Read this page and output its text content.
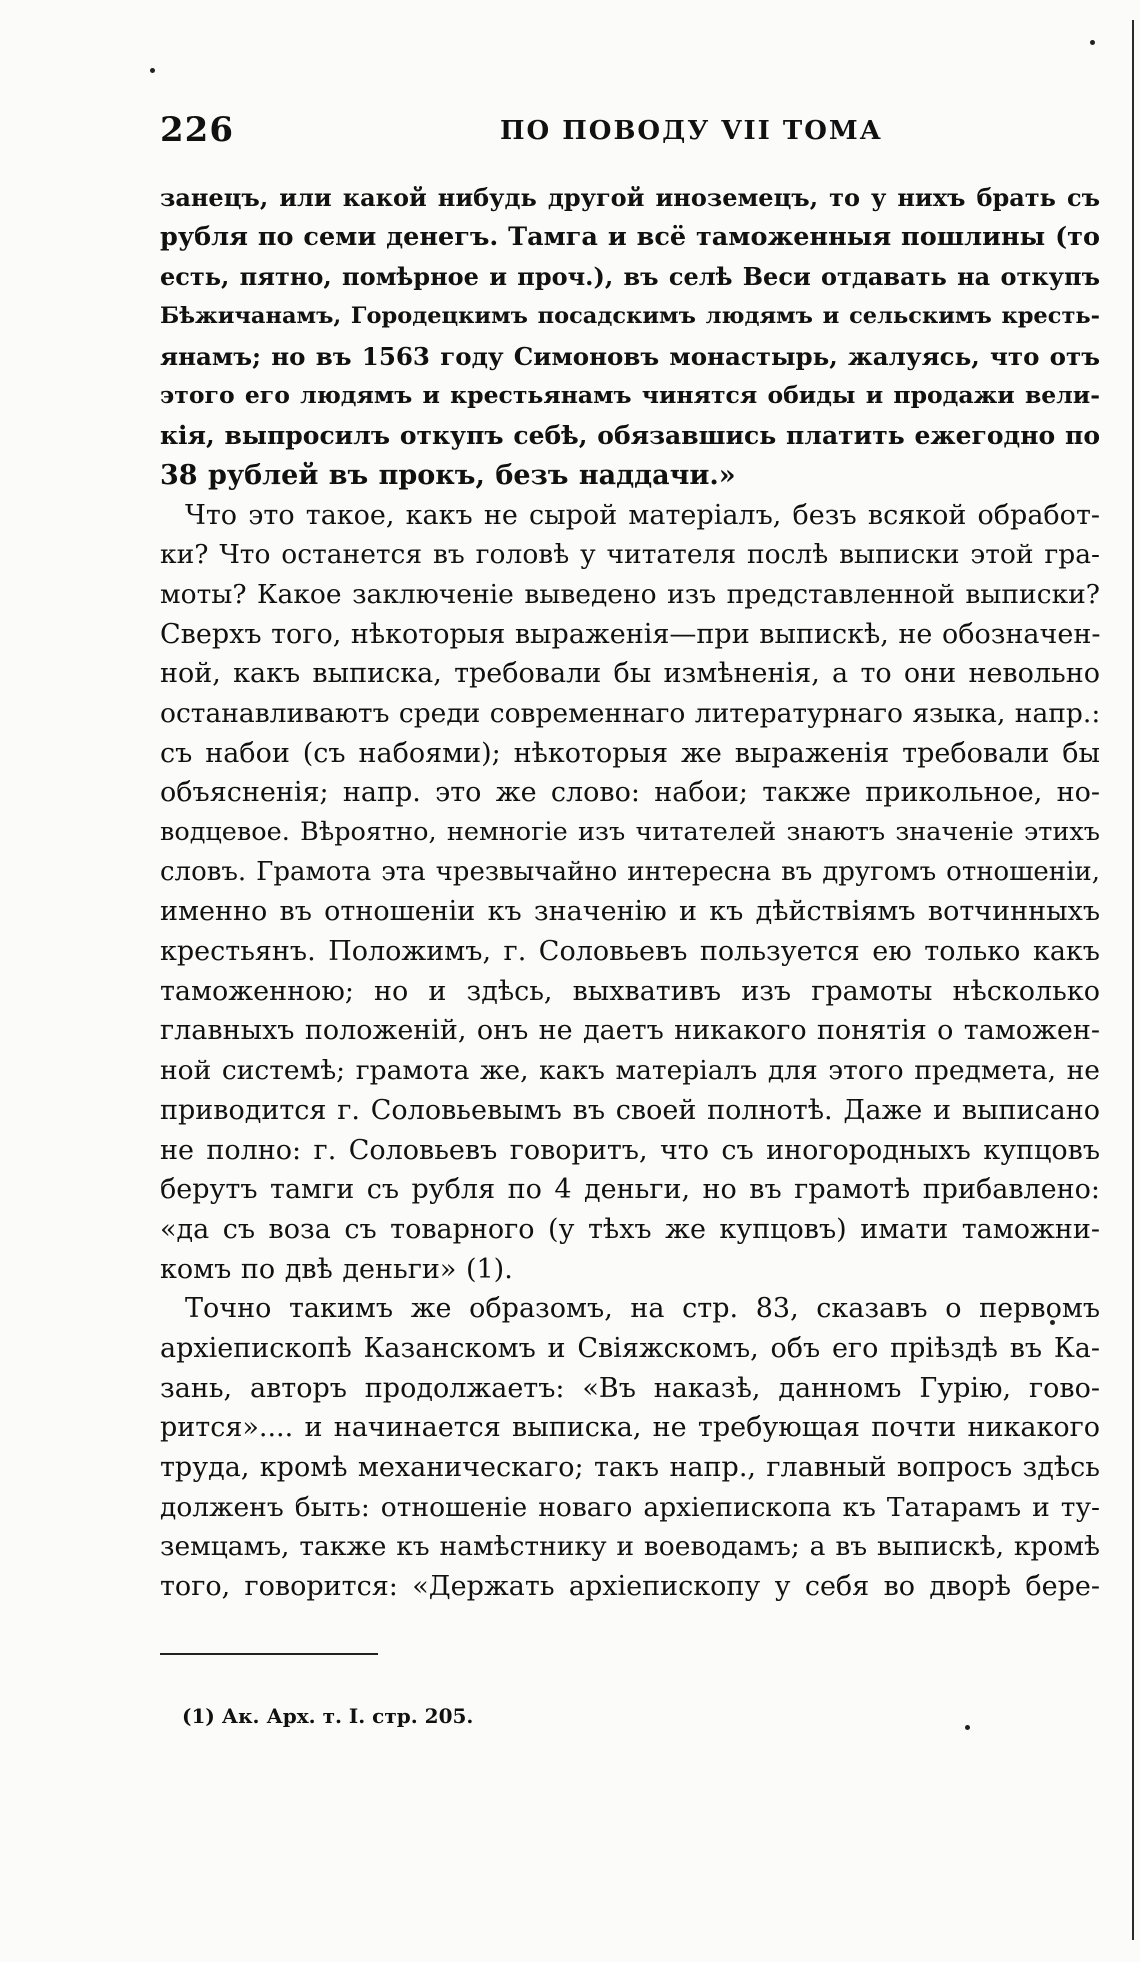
226	ПО ПОВОДУ VII ТОМА
занецъ, или какой нибудь другой иноземецъ, то у нихъ брать съ
рубля по семи денегъ. Тамга и всё таможенныя пошлины (то
есть, пятно, помѣрное и проч.), въ селѣ Веси отдавать на откупъ
Бѣжичанамъ, Городецкимъ посадскимъ людямъ и сельскимъ кресть-
янамъ; но въ 1563 году Симоновъ монастырь, жалуясь, что отъ
этого его людямъ и крестьянамъ чинятся обиды и продажи вели-
кія, выпросилъ откупъ себѣ, обязавшись платить ежегодно по
38 рублей въ прокъ, безъ наддачи.»
Что это такое, какъ не сырой матеріалъ, безъ всякой обработ-
ки? Что останется въ головѣ у читателя послѣ выписки этой гра-
моты? Какое заключеніе выведено изъ представленной выписки?
Сверхъ того, нѣкоторыя выраженія—при выпискѣ, не обозначен-
ной, какъ выписка, требовали бы измѣненія, а то они невольно
останавливаютъ среди современнаго литературнаго языка, напр.:
съ набои (съ набоями); нѣкоторыя же выраженія требовали бы
объясненія; напр. это же слово: набои; также прикольное, но-
водцевое. Вѣроятно, немногіе изъ читателей знаютъ значеніе этихъ
словъ. Грамота эта чрезвычайно интересна въ другомъ отношеніи,
именно въ отношеніи къ значенію и къ дѣйствіямъ вотчинныхъ
крестьянъ. Положимъ, г. Соловьевъ пользуется ею только какъ
таможенною; но и здѣсь, выхвативъ изъ грамоты нѣсколько
главныхъ положеній, онъ не даетъ никакого понятія о таможен-
ной системѣ; грамота же, какъ матеріалъ для этого предмета, не
приводится г. Соловьевымъ въ своей полнотѣ. Даже и выписано
не полно: г. Соловьевъ говоритъ, что съ иногородныхъ купцовъ
берутъ тамги съ рубля по 4 деньги, но въ грамотѣ прибавлено:
«да съ воза съ товарного (у тѣхъ же купцовъ) имати таможни-
комъ по двѣ деньги» (1).
Точно такимъ же образомъ, на стр. 83, сказавъ о первомъ
архіепископѣ Казанскомъ и Свіяжскомъ, объ его пріѣздѣ въ Ка-
зань, авторъ продолжаетъ: «Въ наказѣ, данномъ Гурію, гово-
рится».... и начинается выписка, не требующая почти никакого
труда, кромѣ механическаго; такъ напр., главный вопросъ здѣсь
долженъ быть: отношеніе новаго архіепископа къ Татарамъ и ту-
земцамъ, также къ намѣстнику и воеводамъ; а въ выпискѣ, кромѣ
того, говорится: «Держать архіепископу у себя во дворѣ бере-
(1) Ак. Арх. т. I. стр. 205.
